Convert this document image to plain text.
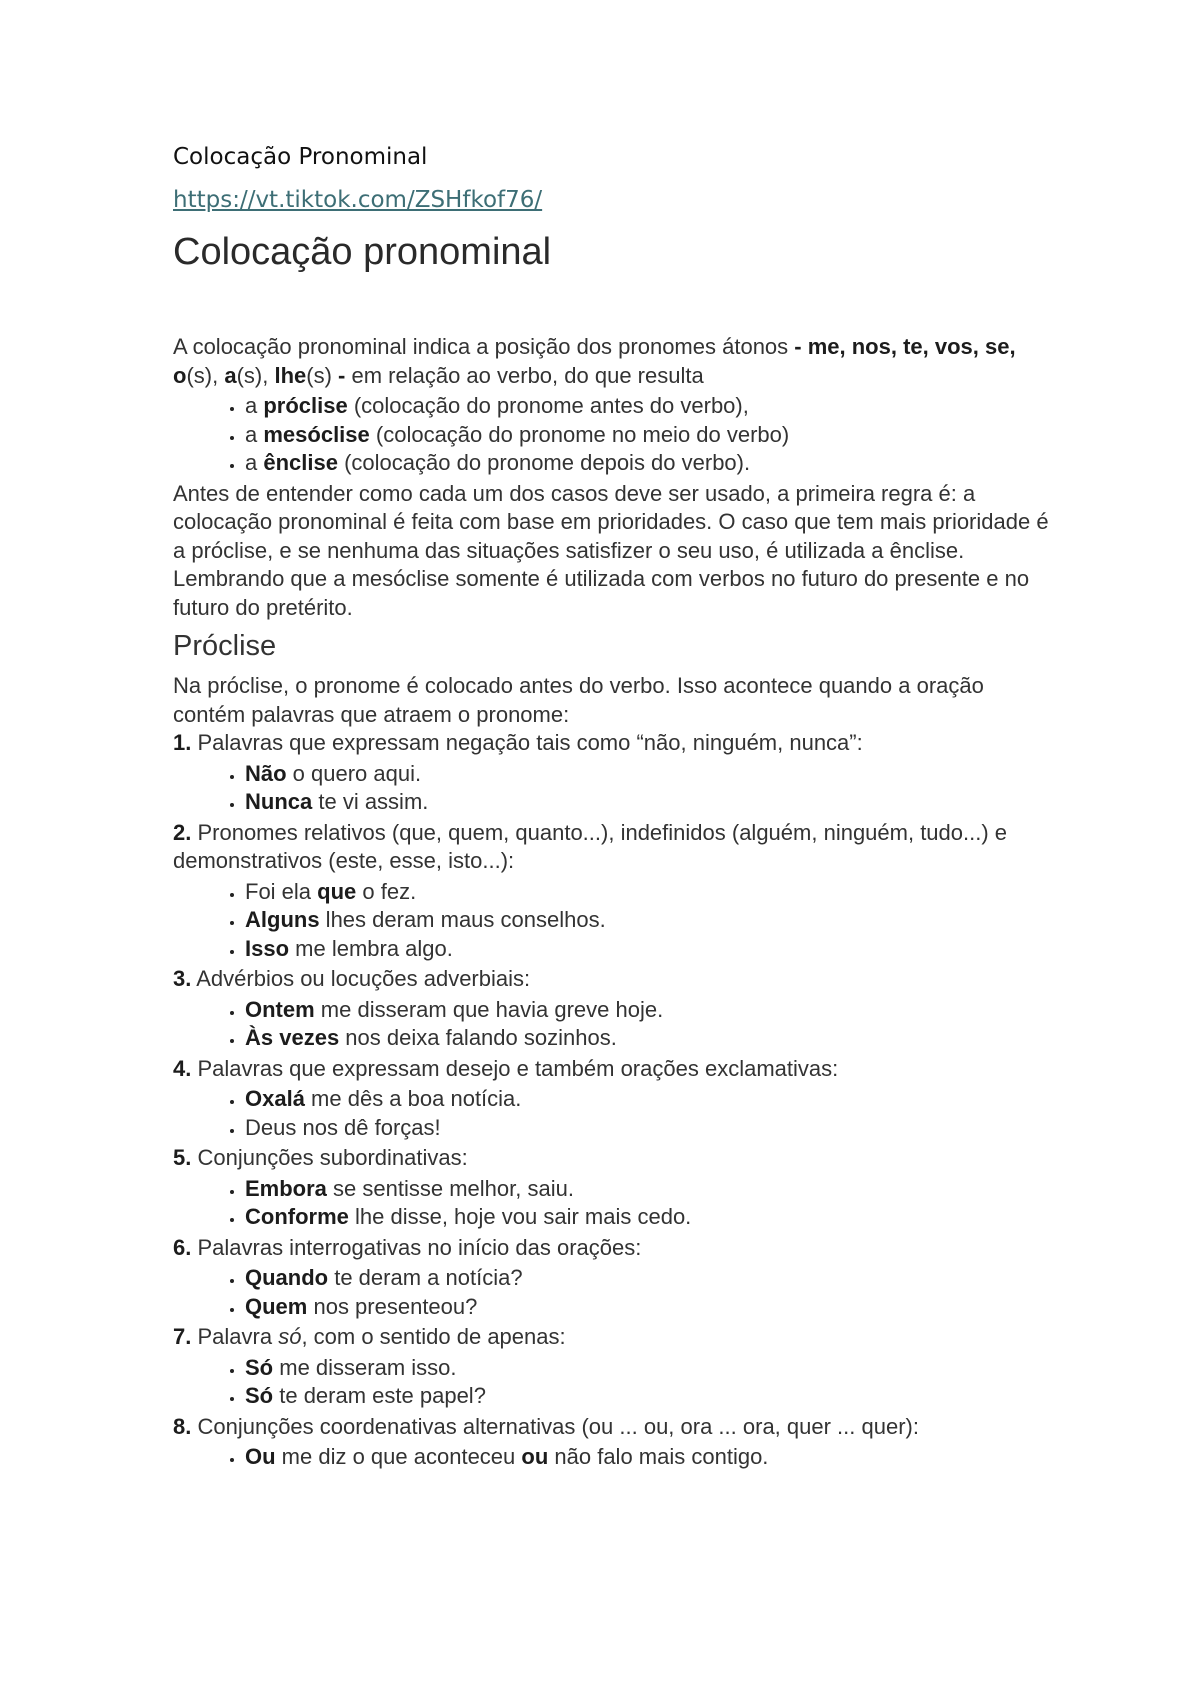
Colocação Pronominal
https://vt.tiktok.com/ZSHfkof76/
Colocação pronominal

A colocação pronominal indica a posição dos pronomes átonos - me, nos, te, vos, se, o(s), a(s), lhe(s) - em relação ao verbo, do que resulta

• a próclise (colocação do pronome antes do verbo),
• a mesóclise (colocação do pronome no meio do verbo)
• a ênclise (colocação do pronome depois do verbo).

Antes de entender como cada um dos casos deve ser usado, a primeira regra é: a colocação pronominal é feita com base em prioridades. O caso que tem mais prioridade é a próclise, e se nenhuma das situações satisfizer o seu uso, é utilizada a ênclise. Lembrando que a mesóclise somente é utilizada com verbos no futuro do presente e no futuro do pretérito.

Próclise

Na próclise, o pronome é colocado antes do verbo. Isso acontece quando a oração contém palavras que atraem o pronome:

1. Palavras que expressam negação tais como “não, ninguém, nunca”:

• Não o quero aqui.
• Nunca te vi assim.

2. Pronomes relativos (que, quem, quanto...), indefinidos (alguém, ninguém, tudo...) e demonstrativos (este, esse, isto...):

• Foi ela que o fez.
• Alguns lhes deram maus conselhos.
• Isso me lembra algo.

3. Advérbios ou locuções adverbiais:

• Ontem me disseram que havia greve hoje.
• Às vezes nos deixa falando sozinhos.

4. Palavras que expressam desejo e também orações exclamativas:

• Oxalá me dês a boa notícia.
• Deus nos dê forças!

5. Conjunções subordinativas:

• Embora se sentisse melhor, saiu.
• Conforme lhe disse, hoje vou sair mais cedo.

6. Palavras interrogativas no início das orações:

• Quando te deram a notícia?
• Quem nos presenteou?

7. Palavra só, com o sentido de apenas:

• Só me disseram isso.
• Só te deram este papel?

8. Conjunções coordenativas alternativas (ou ... ou, ora ... ora, quer ... quer):

• Ou me diz o que aconteceu ou não falo mais contigo.
